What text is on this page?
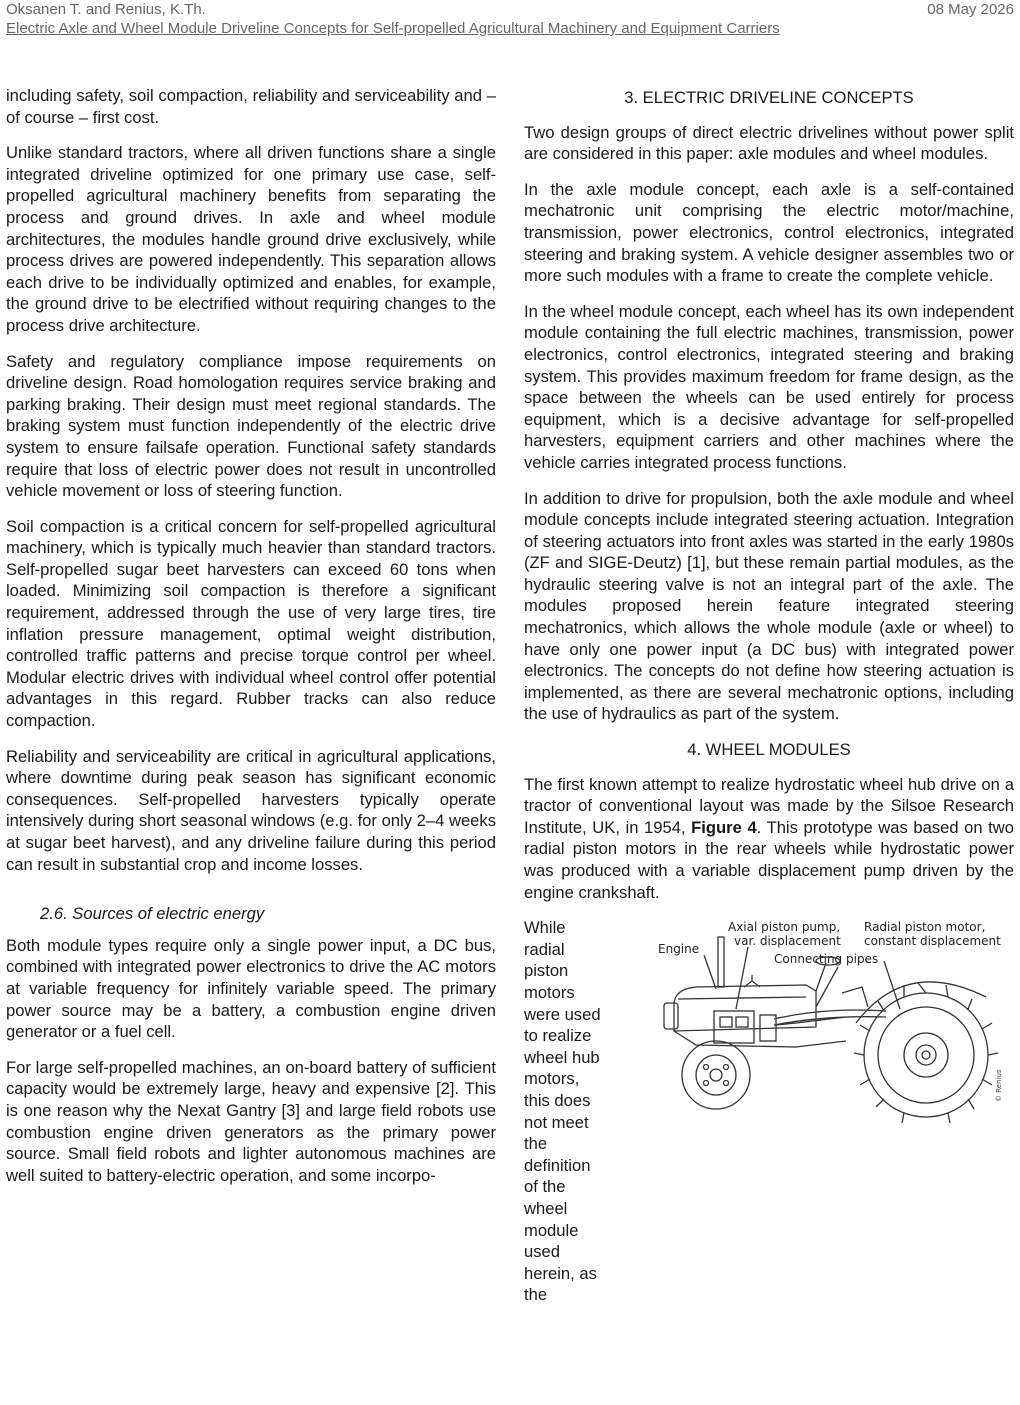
Oksanen T. and Renius, K.Th.	08 May 2026
Electric Axle and Wheel Module Driveline Concepts for Self-propelled Agricultural Machinery and Equipment Carriers

including safety, soil compaction, reliability and serviceability and – of course – first cost.

Unlike standard tractors, where all driven functions share a single integrated driveline optimized for one primary use case, self-propelled agricultural machinery benefits from separating the process and ground drives. In axle and wheel module architectures, the modules handle ground drive exclusively, while process drives are powered independently. This separation allows each drive to be individually optimized and enables, for example, the ground drive to be electrified without requiring changes to the process drive architecture.

Safety and regulatory compliance impose requirements on driveline design. Road homologation requires service braking and parking braking. Their design must meet regional standards. The braking system must function independently of the electric drive system to ensure failsafe operation. Functional safety standards require that loss of electric power does not result in uncontrolled vehicle movement or loss of steering function.

Soil compaction is a critical concern for self-propelled agricultural machinery, which is typically much heavier than standard tractors. Self-propelled sugar beet harvesters can exceed 60 tons when loaded. Minimizing soil compaction is therefore a significant requirement, addressed through the use of very large tires, tire inflation pressure management, optimal weight distribution, controlled traffic patterns and precise torque control per wheel. Modular electric drives with individual wheel control offer potential advantages in this regard. Rubber tracks can also reduce compaction.

Reliability and serviceability are critical in agricultural applications, where downtime during peak season has significant economic consequences. Self-propelled harvesters typically operate intensively during short seasonal windows (e.g. for only 2–4 weeks at sugar beet harvest), and any driveline failure during this period can result in substantial crop and income losses.

2.6. Sources of electric energy

Both module types require only a single power input, a DC bus, combined with integrated power electronics to drive the AC motors at variable frequency for infinitely variable speed. The primary power source may be a battery, a combustion engine driven generator or a fuel cell.

For large self-propelled machines, an on-board battery of sufficient capacity would be extremely large, heavy and expensive [2]. This is one reason why the Nexat Gantry [3] and large field robots use combustion engine driven generators as the primary power source. Small field robots and lighter autonomous machines are well suited to battery-electric operation, and some incorpo-

3. ELECTRIC DRIVELINE CONCEPTS

Two design groups of direct electric drivelines without power split are considered in this paper: axle modules and wheel modules.

In the axle module concept, each axle is a self-contained mechatronic unit comprising the electric motor/machine, transmission, power electronics, control electronics, integrated steering and braking system. A vehicle designer assembles two or more such modules with a frame to create the complete vehicle.

In the wheel module concept, each wheel has its own independent module containing the full electric machines, transmission, power electronics, control electronics, integrated steering and braking system. This provides maximum freedom for frame design, as the space between the wheels can be used entirely for process equipment, which is a decisive advantage for self-propelled harvesters, equipment carriers and other machines where the vehicle carries integrated process functions.

In addition to drive for propulsion, both the axle module and wheel module concepts include integrated steering actuation. Integration of steering actuators into front axles was started in the early 1980s (ZF and SIGE-Deutz) [1], but these remain partial modules, as the hydraulic steering valve is not an integral part of the axle. The modules proposed herein feature integrated steering mechatronics, which allows the whole module (axle or wheel) to have only one power input (a DC bus) with integrated power electronics. The concepts do not define how steering actuation is implemented, as there are several mechatronic options, including the use of hydraulics as part of the system.

4. WHEEL MODULES

The first known attempt to realize hydrostatic wheel hub drive on a tractor of conventional layout was made by the Silsoe Research Institute, UK, in 1954, Figure 4. This prototype was based on two radial piston motors in the rear wheels while hydrostatic power was produced with a variable displacement pump driven by the engine crankshaft.

While radial piston motors were used to realize wheel hub motors, this does not meet the definition of the wheel module used herein, as the
© Renius
Engine
Axial piston pump,
var. displacement
Radial piston motor,
constant displacement
Connecting pipes
